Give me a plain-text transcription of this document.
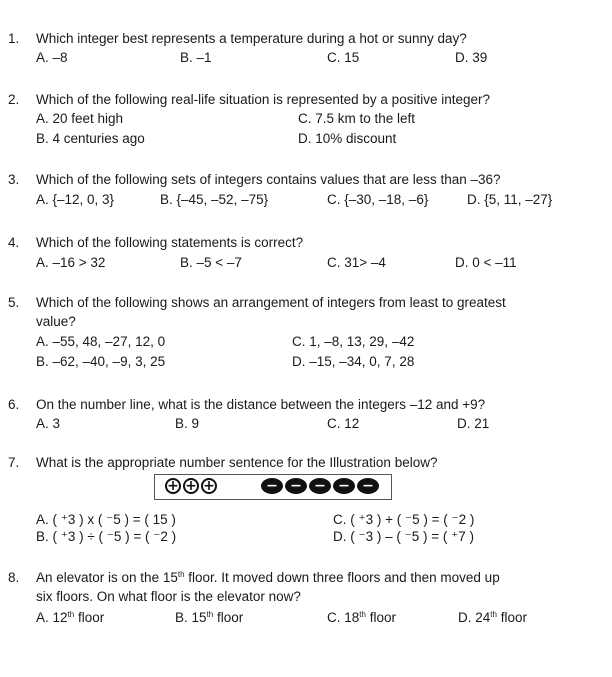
1. Which integer best represents a temperature during a hot or sunny day?
A. –8	B. –1	C. 15	D. 39
2. Which of the following real-life situation is represented by a positive integer?
A. 20 feet high	C. 7.5 km to the left
B. 4 centuries ago	D. 10% discount
3. Which of the following sets of integers contains values that are less than –36?
A. {–12, 0, 3}	B. {–45, –52, –75}	C. {–30, –18, –6}	D. {5, 11, –27}
4. Which of the following statements is correct?
A. –16 > 32	B. –5 < –7	C. 31> –4	D. 0 < –11
5. Which of the following shows an arrangement of integers from least to greatest
value?
A. –55, 48, –27, 12, 0	C. 1, –8, 13, 29, –42
B. –62, –40, –9, 3, 25	D. –15, –34, 0, 7, 28
6. On the number line, what is the distance between the integers –12 and +9?
A. 3	B. 9	C. 12	D. 21
7. What is the appropriate number sentence for the Illustration below?
+ + +	− − − − −
A. ( ⁺3 ) x ( ⁻5 ) = ( 15 )	C. ( ⁺3 ) + ( ⁻5 ) = ( ⁻2 )
B. ( ⁺3 ) ÷ ( ⁻5 ) = ( ⁻2 )	D. ( ⁻3 ) – ( ⁻5 ) = ( ⁺7 )
8. An elevator is on the 15th floor. It moved down three floors and then moved up
six floors. On what floor is the elevator now?
A. 12th floor	B. 15th floor	C. 18th floor	D. 24th floor
